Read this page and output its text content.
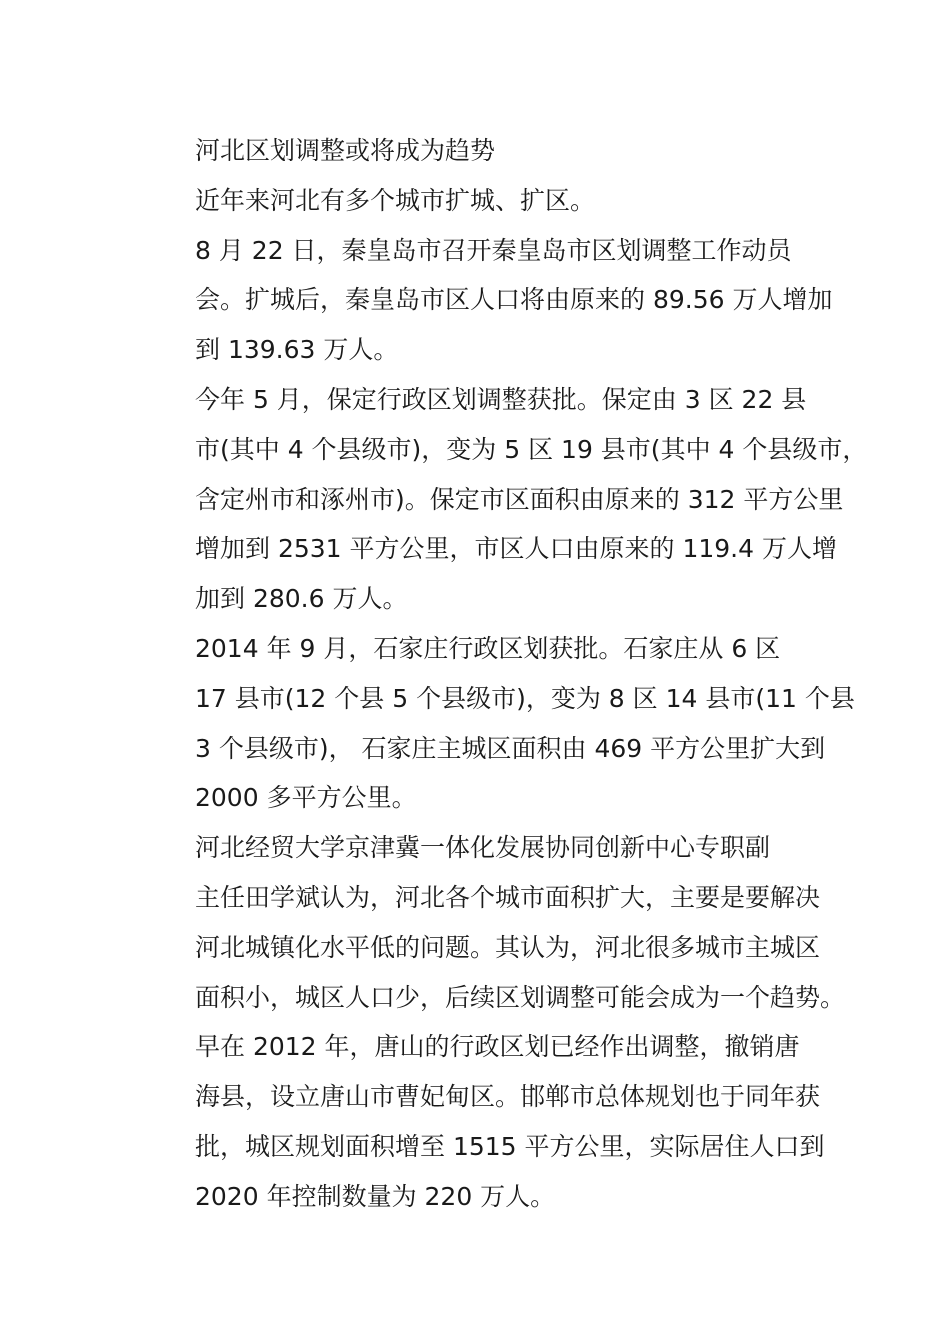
河北区划调整或将成为趋势

近年来河北有多个城市扩城、扩区。

8 月 22 日，秦皇岛市召开秦皇岛市区划调整工作动员
会。扩城后，秦皇岛市区人口将由原来的 89.56 万人增加
到 139.63 万人。

今年 5 月，保定行政区划调整获批。保定由 3 区 22 县
市(其中 4 个县级市)，变为 5 区 19 县市(其中 4 个县级市，
含定州市和涿州市)。保定市区面积由原来的 312 平方公里
增加到 2531 平方公里，市区人口由原来的 119.4 万人增
加到 280.6 万人。

2014 年 9 月，石家庄行政区划获批。石家庄从 6 区
17 县市(12 个县 5 个县级市)，变为 8 区 14 县市(11 个县
3 个县级市)， 石家庄主城区面积由 469 平方公里扩大到
2000 多平方公里。

河北经贸大学京津冀一体化发展协同创新中心专职副
主任田学斌认为，河北各个城市面积扩大，主要是要解决
河北城镇化水平低的问题。其认为，河北很多城市主城区
面积小，城区人口少，后续区划调整可能会成为一个趋势。

早在 2012 年，唐山的行政区划已经作出调整，撤销唐
海县，设立唐山市曹妃甸区。邯郸市总体规划也于同年获
批，城区规划面积增至 1515 平方公里，实际居住人口到
2020 年控制数量为 220 万人。
